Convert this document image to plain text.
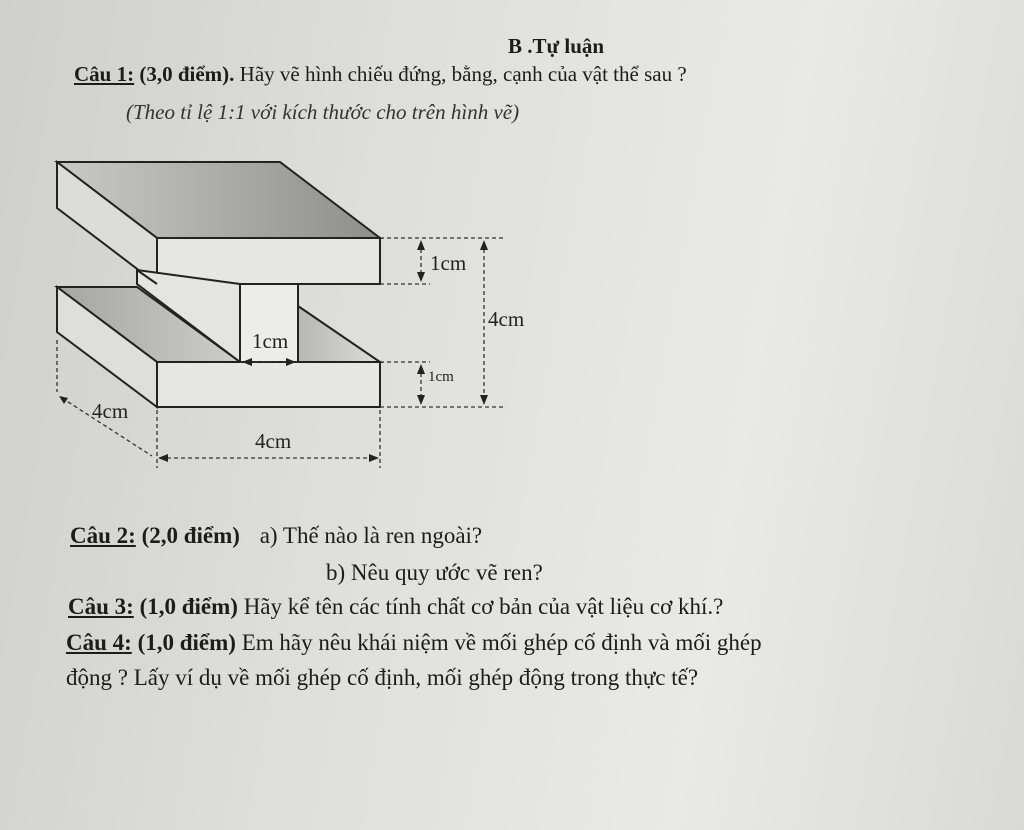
B .Tự luận
Câu 1: (3,0 điểm). Hãy vẽ hình chiếu đứng, bằng, cạnh của vật thể sau ?
(Theo tỉ lệ 1:1 với kích thước cho trên hình vẽ)
1cm
4cm
1cm
1cm
4cm
4cm
Câu 2: (2,0 điểm) a) Thế nào là ren ngoài?
b) Nêu quy ước vẽ ren?
Câu 3: (1,0 điểm) Hãy kể tên các tính chất cơ bản của vật liệu cơ khí.?
Câu 4: (1,0 điểm) Em hãy nêu khái niệm về mối ghép cố định và mối ghép
động ? Lấy ví dụ về mối ghép cố định, mối ghép động trong thực tế?
